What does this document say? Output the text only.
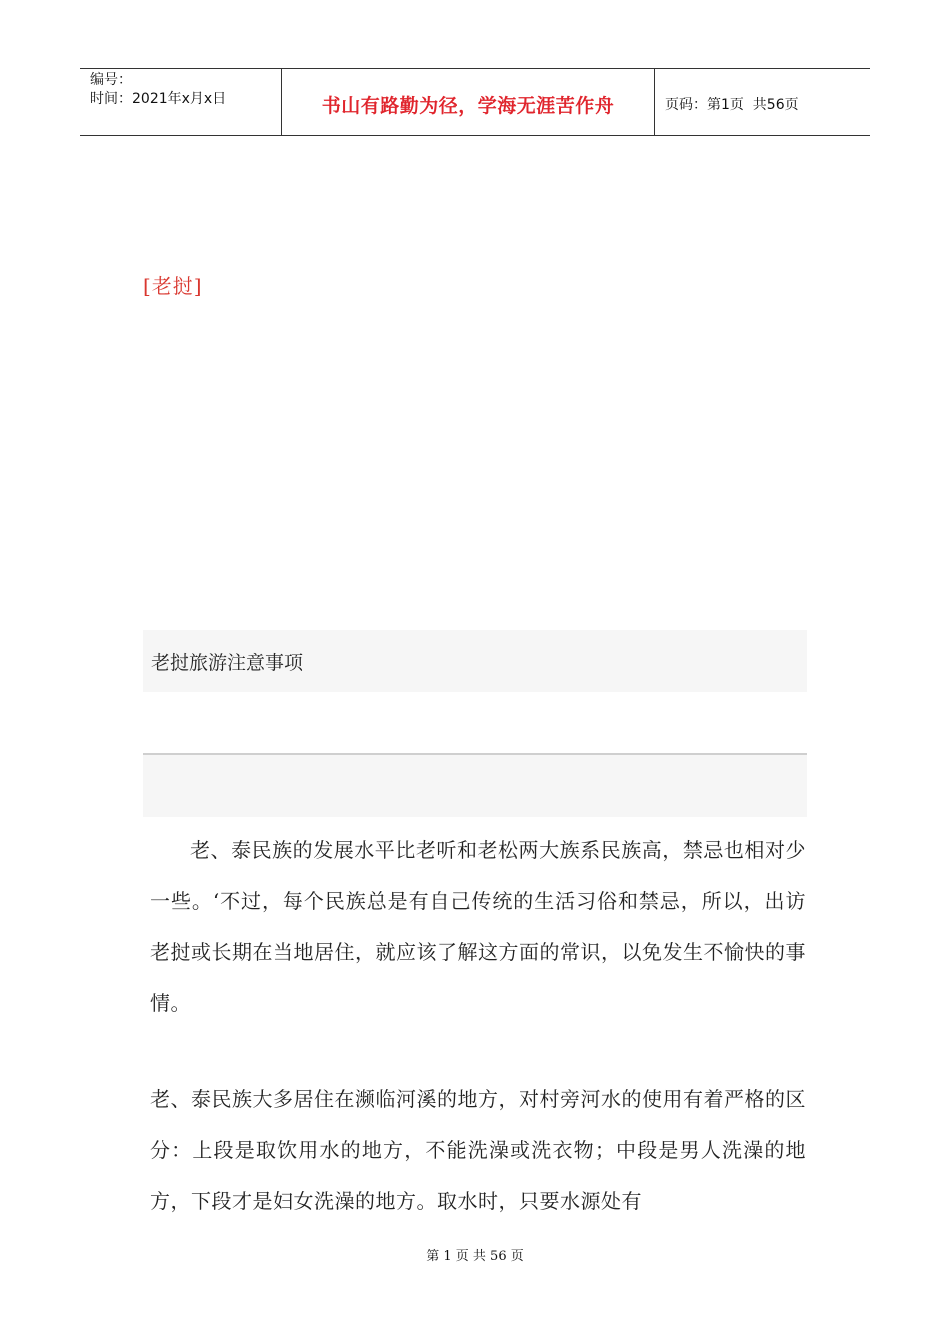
编号：
时间：2021年x月x日	书山有路勤为径，学海无涯苦作舟	页码：第1页  共56页
[老挝]
老挝旅游注意事项
老、泰民族的发展水平比老听和老松两大族系民族高，禁忌也相对少一些。‘不过，每个民族总是有自己传统的生活习俗和禁忌，所以，出访老挝或长期在当地居住，就应该了解这方面的常识，以免发生不愉快的事情。
老、泰民族大多居住在濒临河溪的地方，对村旁河水的使用有着严格的区分：上段是取饮用水的地方，不能洗澡或洗衣物；中段是男人洗澡的地方，下段才是妇女洗澡的地方。取水时，只要水源处有
第 1 页 共 56 页
